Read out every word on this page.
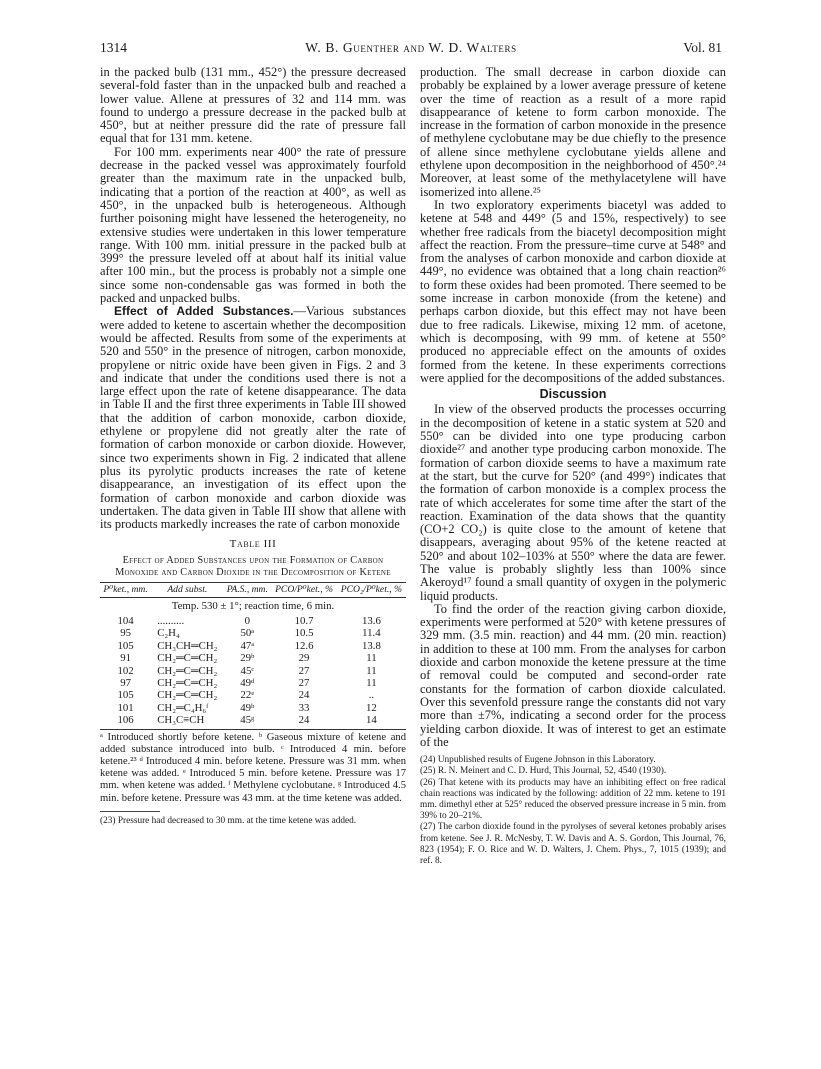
1314	W. B. Guenther and W. D. Walters	Vol. 81

in the packed bulb (131 mm., 452°) the pressure decreased several-fold faster than in the unpacked bulb and reached a lower value. Allene at pressures of 32 and 114 mm. was found to undergo a pressure decrease in the packed bulb at 450°, but at neither pressure did the rate of pressure fall equal that for 131 mm. ketene.

For 100 mm. experiments near 400° the rate of pressure decrease in the packed vessel was approximately fourfold greater than the maximum rate in the unpacked bulb, indicating that a portion of the reaction at 400°, as well as 450°, in the unpacked bulb is heterogeneous. Although further poisoning might have lessened the heterogeneity, no extensive studies were undertaken in this lower temperature range. With 100 mm. initial pressure in the packed bulb at 399° the pressure leveled off at about half its initial value after 100 min., but the process is probably not a simple one since some non-condensable gas was formed in both the packed and unpacked bulbs.

Effect of Added Substances.—Various substances were added to ketene to ascertain whether the decomposition would be affected. Results from some of the experiments at 520 and 550° in the presence of nitrogen, carbon monoxide, propylene or nitric oxide have been given in Figs. 2 and 3 and indicate that under the conditions used there is not a large effect upon the rate of ketene disappearance. The data in Table II and the first three experiments in Table III showed that the addition of carbon monoxide, carbon dioxide, ethylene or propylene did not greatly alter the rate of formation of carbon monoxide or carbon dioxide. However, since two experiments shown in Fig. 2 indicated that allene plus its pyrolytic products increases the rate of ketene disappearance, an investigation of its effect upon the formation of carbon monoxide and carbon dioxide was undertaken. The data given in Table III show that allene with its products markedly increases the rate of carbon monoxide

Table III
Effect of Added Substances upon the Formation of Carbon Monoxide and Carbon Dioxide in the Decomposition of Ketene
P⁰ket., mm.	Add subst.	PA.S., mm.	PCO/P⁰ket., %	PCO₂/P⁰ket., %
Temp. 530 ± 1°; reaction time, 6 min.				
104	..........	0	10.7	13.6
95	C₂H₄	50ᵃ	10.5	11.4
105	CH₃CH═CH₂	47ᵃ	12.6	13.8
91	CH₂═C═CH₂	29ᵇ	29	11
102	CH₂═C═CH₂	45ᶜ	27	11
97	CH₂═C═CH₂	49ᵈ	27	11
105	CH₂═C═CH₂	22ᵉ	24	..
101	CH₂═C₄H₆ᶠ	49ᵇ	33	12
106	CH₃C≡CH	45ᵍ	24	14
ᵃ Introduced shortly before ketene. ᵇ Gaseous mixture of ketene and added substance introduced into bulb. ᶜ Introduced 4 min. before ketene.²³ ᵈ Introduced 4 min. before ketene. Pressure was 31 mm. when ketene was added. ᵉ Introduced 5 min. before ketene. Pressure was 17 mm. when ketene was added. ᶠ Methylene cyclobutane. ᵍ Introduced 4.5 min. before ketene. Pressure was 43 mm. at the time ketene was added.

(23) Pressure had decreased to 30 mm. at the time ketene was added.

production. The small decrease in carbon dioxide can probably be explained by a lower average pressure of ketene over the time of reaction as a result of a more rapid disappearance of ketene to form carbon monoxide. The increase in the formation of carbon monoxide in the presence of methylene cyclobutane may be due chiefly to the presence of allene since methylene cyclobutane yields allene and ethylene upon decomposition in the neighborhood of 450°.²⁴ Moreover, at least some of the methylacetylene will have isomerized into allene.²⁵

In two exploratory experiments biacetyl was added to ketene at 548 and 449° (5 and 15%, respectively) to see whether free radicals from the biacetyl decomposition might affect the reaction. From the pressure–time curve at 548° and from the analyses of carbon monoxide and carbon dioxide at 449°, no evidence was obtained that a long chain reaction²⁶ to form these oxides had been promoted. There seemed to be some increase in carbon monoxide (from the ketene) and perhaps carbon dioxide, but this effect may not have been due to free radicals. Likewise, mixing 12 mm. of acetone, which is decomposing, with 99 mm. of ketene at 550° produced no appreciable effect on the amounts of oxides formed from the ketene. In these experiments corrections were applied for the decompositions of the added substances.

Discussion

In view of the observed products the processes occurring in the decomposition of ketene in a static system at 520 and 550° can be divided into one type producing carbon dioxide²⁷ and another type producing carbon monoxide. The formation of carbon dioxide seems to have a maximum rate at the start, but the curve for 520° (and 499°) indicates that the formation of carbon monoxide is a complex process the rate of which accelerates for some time after the start of the reaction. Examination of the data shows that the quantity (CO+2 CO₂) is quite close to the amount of ketene that disappears, averaging about 95% of the ketene reacted at 520° and about 102–103% at 550° where the data are fewer. The value is probably slightly less than 100% since Akeroyd¹⁷ found a small quantity of oxygen in the polymeric liquid products.

To find the order of the reaction giving carbon dioxide, experiments were performed at 520° with ketene pressures of 329 mm. (3.5 min. reaction) and 44 mm. (20 min. reaction) in addition to these at 100 mm. From the analyses for carbon dioxide and carbon monoxide the ketene pressure at the time of removal could be computed and second-order rate constants for the formation of carbon dioxide calculated. Over this sevenfold pressure range the constants did not vary more than ±7%, indicating a second order for the process yielding carbon dioxide. It was of interest to get an estimate of the

(24) Unpublished results of Eugene Johnson in this Laboratory.

(25) R. N. Meinert and C. D. Hurd, This Journal, 52, 4540 (1930).

(26) That ketene with its products may have an inhibiting effect on free radical chain reactions was indicated by the following: addition of 22 mm. ketene to 191 mm. dimethyl ether at 525° reduced the observed pressure increase in 5 min. from 39% to 20–21%.

(27) The carbon dioxide found in the pyrolyses of several ketones probably arises from ketene. See J. R. McNesby, T. W. Davis and A. S. Gordon, This Journal, 76, 823 (1954); F. O. Rice and W. D. Walters, J. Chem. Phys., 7, 1015 (1939); and ref. 8.
